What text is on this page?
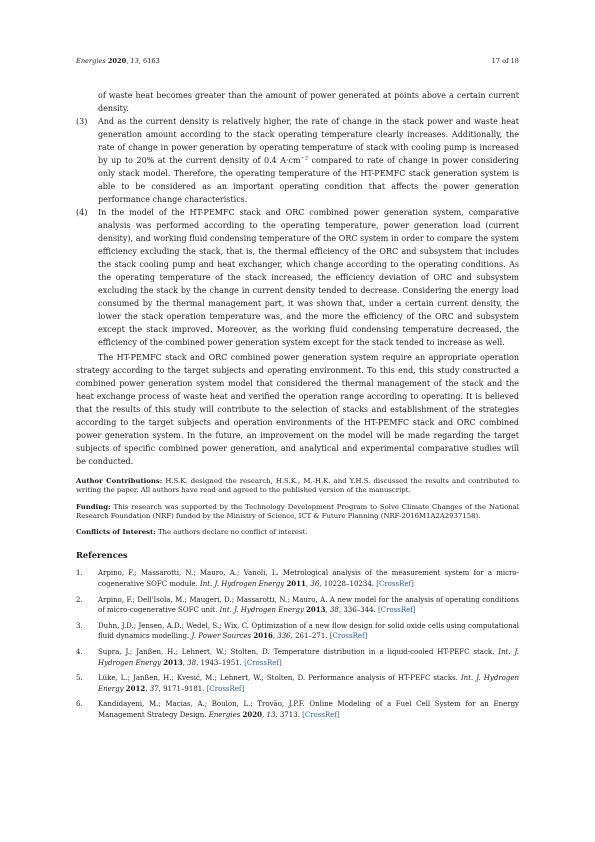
Energies 2020, 13, 6163	17 of 18

of waste heat becomes greater than the amount of power generated at points above a certain current density.

(3) And as the current density is relatively higher, the rate of change in the stack power and waste heat generation amount according to the stack operating temperature clearly increases. Additionally, the rate of change in power generation by operating temperature of stack with cooling pump is increased by up to 20% at the current density of 0.4 $A\cdot cm^{-2}$ compared to rate of change in power considering only stack model. Therefore, the operating temperature of the HT-PEMFC stack generation system is able to be considered as an important operating condition that affects the power generation performance change characteristics.

(4) In the model of the HT-PEMFC stack and ORC combined power generation system, comparative analysis was performed according to the operating temperature, power generation load (current density), and working fluid condensing temperature of the ORC system in order to compare the system efficiency excluding the stack, that is, the thermal efficiency of the ORC and subsystem that includes the stack cooling pump and heat exchanger, which change according to the operating conditions. As the operating temperature of the stack increased, the efficiency deviation of ORC and subsystem excluding the stack by the change in current density tended to decrease. Considering the energy load consumed by the thermal management part, it was shown that, under a certain current density, the lower the stack operation temperature was, and the more the efficiency of the ORC and subsystem except the stack improved. Moreover, as the working fluid condensing temperature decreased, the efficiency of the combined power generation system except for the stack tended to increase as well.

The HT-PEMFC stack and ORC combined power generation system require an appropriate operation strategy according to the target subjects and operating environment. To this end, this study constructed a combined power generation system model that considered the thermal management of the stack and the heat exchange process of waste heat and verified the operation range according to operating. It is believed that the results of this study will contribute to the selection of stacks and establishment of the strategies according to the target subjects and operation environments of the HT-PEMFC stack and ORC combined power generation system. In the future, an improvement on the model will be made regarding the target subjects of specific combined power generation, and analytical and experimental comparative studies will be conducted.

Author Contributions: H.S.K. designed the research, H.S.K., M.-H.K. and Y.H.S. discussed the results and contributed to writing the paper. All authors have read and agreed to the published version of the manuscript.
Funding: This research was supported by the Technology Development Program to Solve Climate Changes of the National Research Foundation (NRF) funded by the Ministry of Science, ICT & Future Planning (NRF-2016M1A2A2937158).
Conflicts of Interest: The authors declare no conflict of interest.
References
1. Arpino, F.; Massarotti, N.; Mauro, A.; Vanoli, L. Metrological analysis of the measurement system for a micro-cogenerative SOFC module. Int. J. Hydrogen Energy 2011, 36, 10228–10234. [CrossRef]
2. Arpino, F.; Dell'Isola, M.; Maugeri, D.; Massarotti, N.; Mauro, A. A new model for the analysis of operating conditions of micro-cogenerative SOFC unit. Int. J. Hydrogen Energy 2013, 38, 336–344. [CrossRef]
3. Duhn, J.D.; Jensen, A.D.; Wedel, S.; Wix, C. Optimization of a new flow design for solid oxide cells using computational fluid dynamics modelling. J. Power Sources 2016, 336, 261–271. [CrossRef]
4. Supra, J.; Janßen, H.; Lehnert, W.; Stolten, D. Temperature distribution in a liquid-cooled HT-PEFC stack. Int. J. Hydrogen Energy 2013, 38, 1943–1951. [CrossRef]
5. Lüke, L.; Janßen, H.; Kvesić, M.; Lehnert, W.; Stolten, D. Performance analysis of HT-PEFC stacks. Int. J. Hydrogen Energy 2012, 37, 9171–9181. [CrossRef]
6. Kandidayeni, M.; Macias, A.; Boulon, L.; Trovão, J.P.F. Online Modeling of a Fuel Cell System for an Energy Management Strategy Design. Energies 2020, 13, 3713. [CrossRef]
